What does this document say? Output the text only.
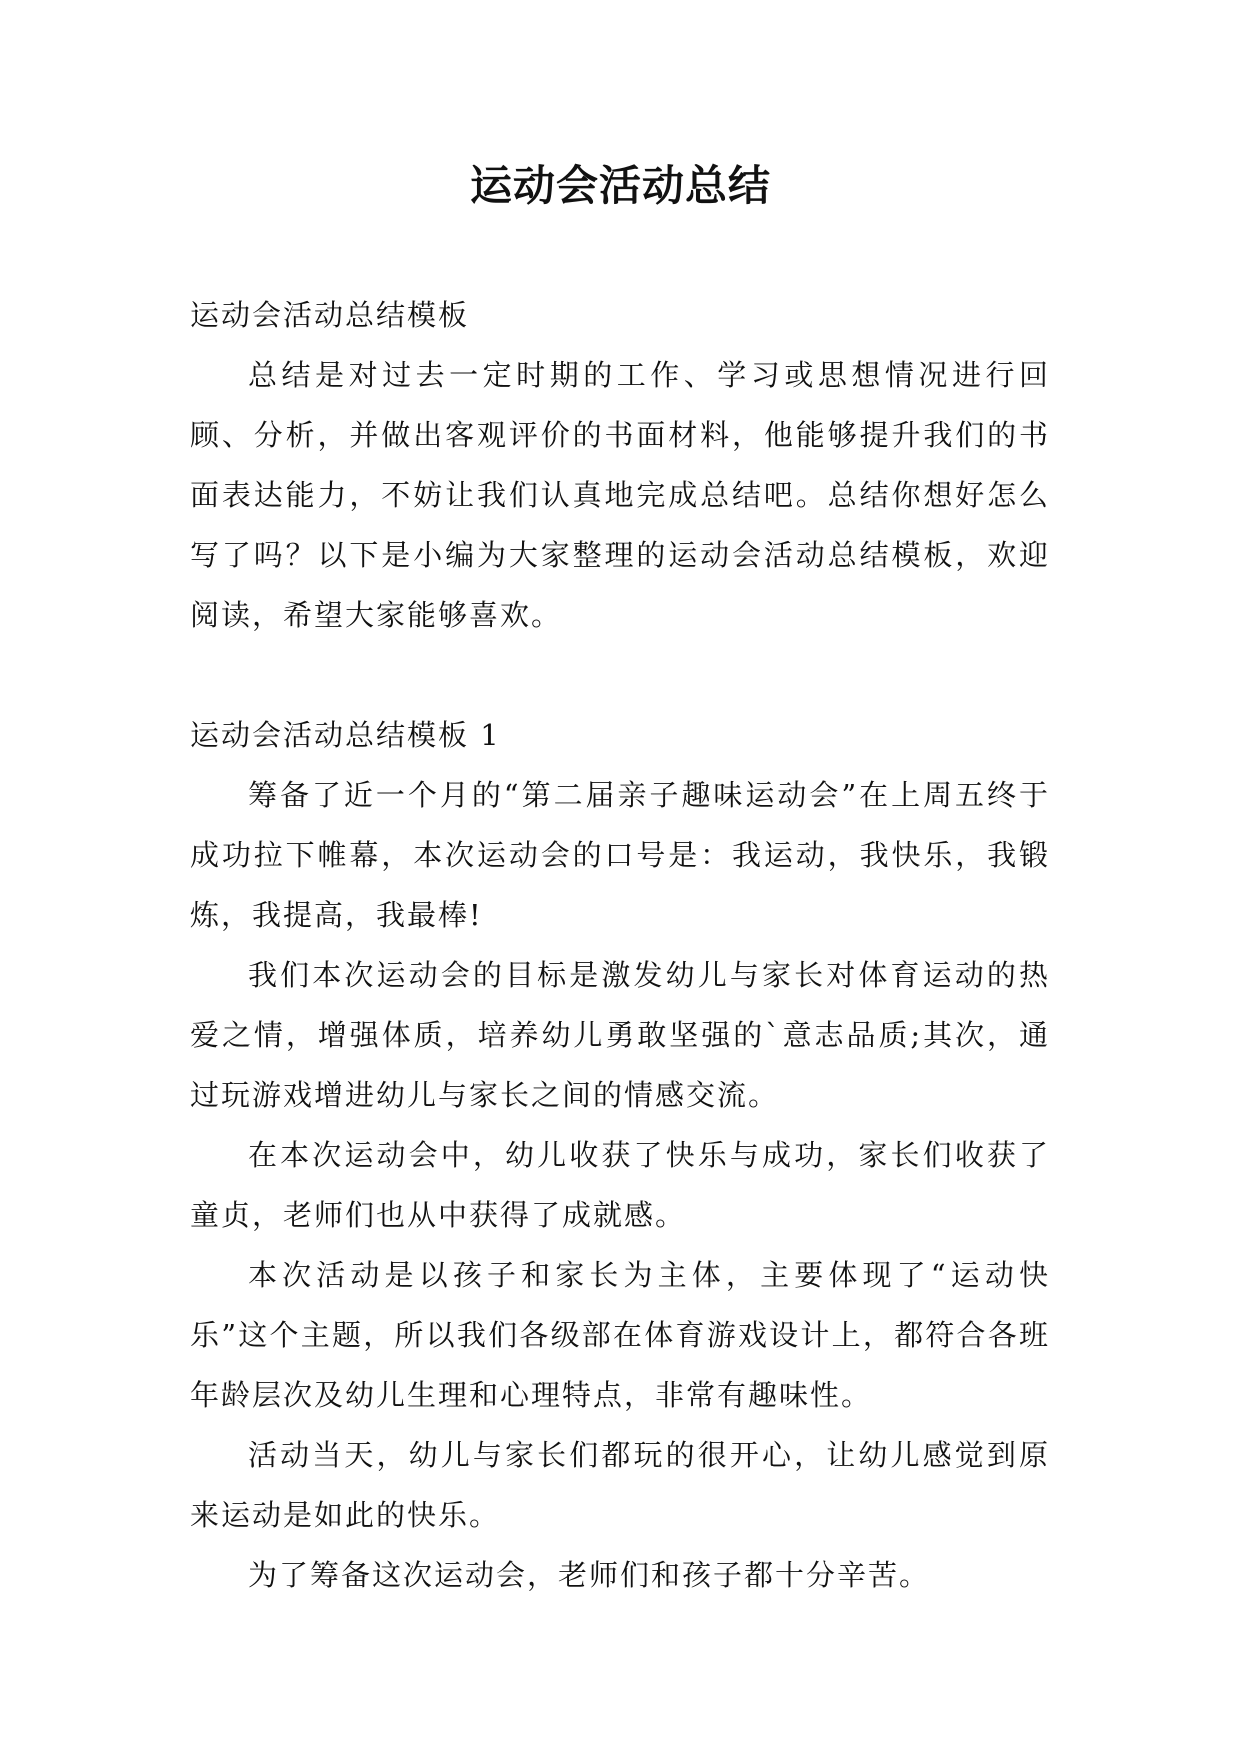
运动会活动总结

运动会活动总结模板

总结是对过去一定时期的工作、学习或思想情况进行回顾、分析，并做出客观评价的书面材料，他能够提升我们的书面表达能力，不妨让我们认真地完成总结吧。总结你想好怎么写了吗？以下是小编为大家整理的运动会活动总结模板，欢迎阅读，希望大家能够喜欢。

运动会活动总结模板 1

筹备了近一个月的“第二届亲子趣味运动会”在上周五终于成功拉下帷幕，本次运动会的口号是：我运动，我快乐，我锻炼，我提高，我最棒!

我们本次运动会的目标是激发幼儿与家长对体育运动的热爱之情，增强体质，培养幼儿勇敢坚强的`意志品质;其次，通过玩游戏增进幼儿与家长之间的情感交流。

在本次运动会中，幼儿收获了快乐与成功，家长们收获了童贞，老师们也从中获得了成就感。

本次活动是以孩子和家长为主体，主要体现了“运动快乐”这个主题，所以我们各级部在体育游戏设计上，都符合各班年龄层次及幼儿生理和心理特点，非常有趣味性。

活动当天，幼儿与家长们都玩的很开心，让幼儿感觉到原来运动是如此的快乐。

为了筹备这次运动会，老师们和孩子都十分辛苦。
